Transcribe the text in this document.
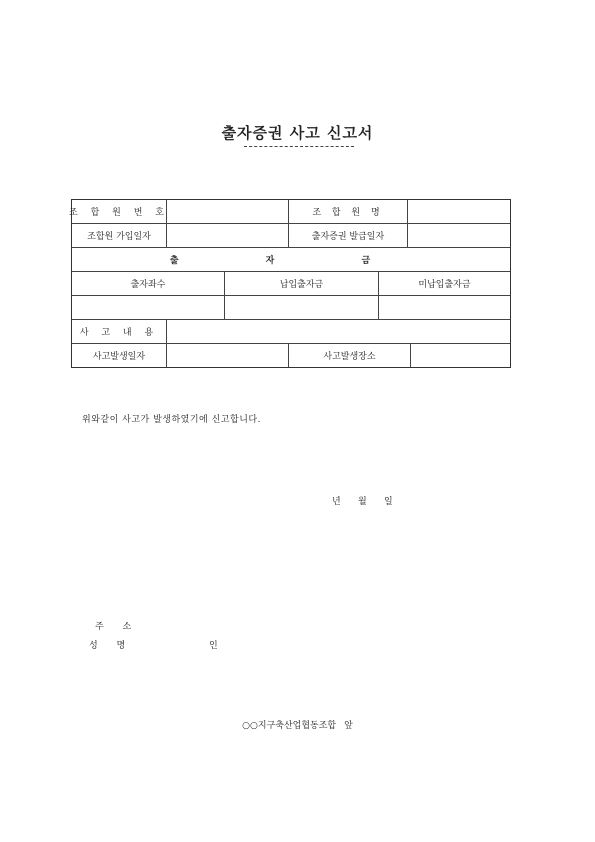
출자증권 사고 신고서
조 합 원 번 호	조 합 원 명
조합원 가입일자	출자증권 발급일자
출 자 금
출자좌수	납입출자금	미납입출자금
사 고 내 용
사고발생일자	사고발생장소
위와같이 사고가 발생하였기에 신고합니다.
년	월	일
주 소
성 명	인
○○지구축산업협동조합 앞
